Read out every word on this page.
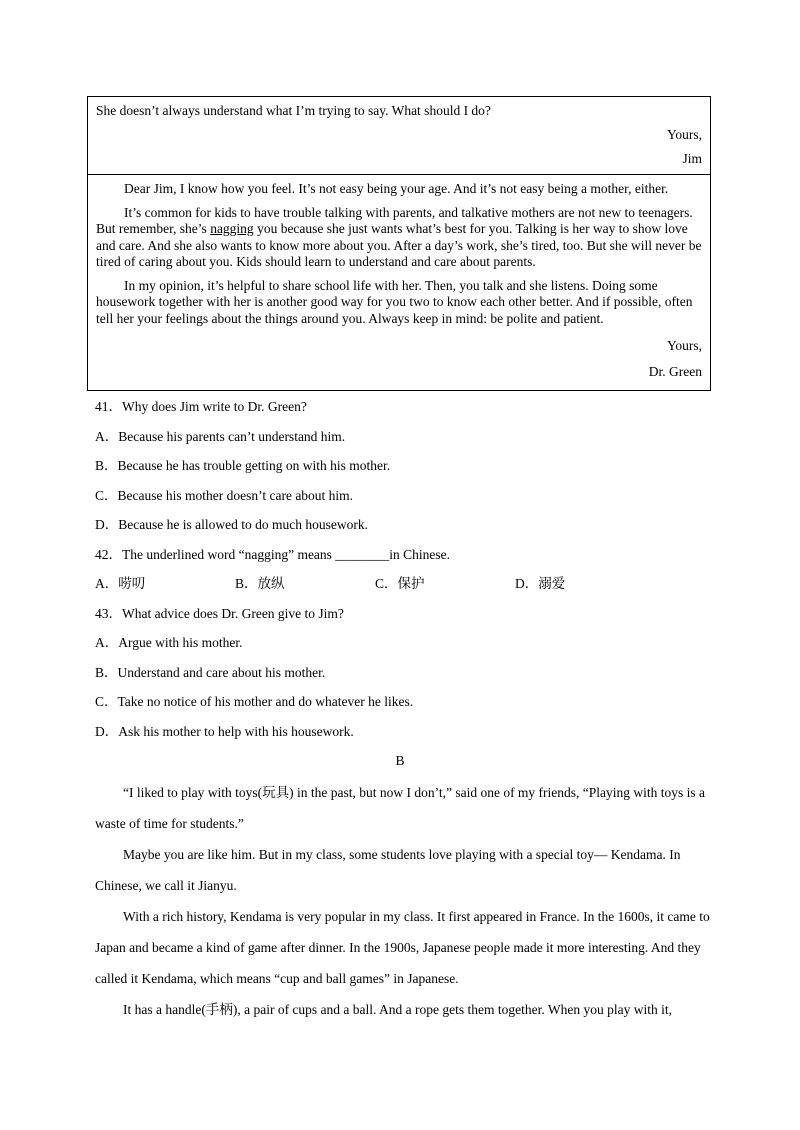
She doesn’t always understand what I’m trying to say. What should I do?
Yours,
Jim

Dear Jim, I know how you feel. It’s not easy being your age. And it’s not easy being a mother, either.

It’s common for kids to have trouble talking with parents, and talkative mothers are not new to teenagers. But remember, she’s nagging you because she just wants what’s best for you. Talking is her way to show love and care. And she also wants to know more about you. After a day’s work, she’s tired, too. But she will never be tired of caring about you. Kids should learn to understand and care about parents.

In my opinion, it’s helpful to share school life with her. Then, you talk and she listens. Doing some housework together with her is another good way for you two to know each other better. And if possible, often tell her your feelings about the things around you. Always keep in mind: be polite and patient.

Yours,
Dr. Green
41．Why does Jim write to Dr. Green?
A．Because his parents can’t understand him.
B．Because he has trouble getting on with his mother.
C．Because his mother doesn’t care about him.
D．Because he is allowed to do much housework.
42．The underlined word “nagging” means ________in Chinese.
A．唠叨	B．放纵	C．保护	D．溺爱
43．What advice does Dr. Green give to Jim?
A．Argue with his mother.
B．Understand and care about his mother.
C．Take no notice of his mother and do whatever he likes.
D．Ask his mother to help with his housework.
B

“I liked to play with toys(玩具) in the past, but now I don’t,” said one of my friends, “Playing with toys is a waste of time for students.”

Maybe you are like him. But in my class, some students love playing with a special toy— Kendama. In Chinese, we call it Jianyu.

With a rich history, Kendama is very popular in my class. It first appeared in France. In the 1600s, it came to Japan and became a kind of game after dinner. In the 1900s, Japanese people made it more interesting. And they called it Kendama, which means “cup and ball games” in Japanese.

It has a handle(手柄), a pair of cups and a ball. And a rope gets them together. When you play with it,
